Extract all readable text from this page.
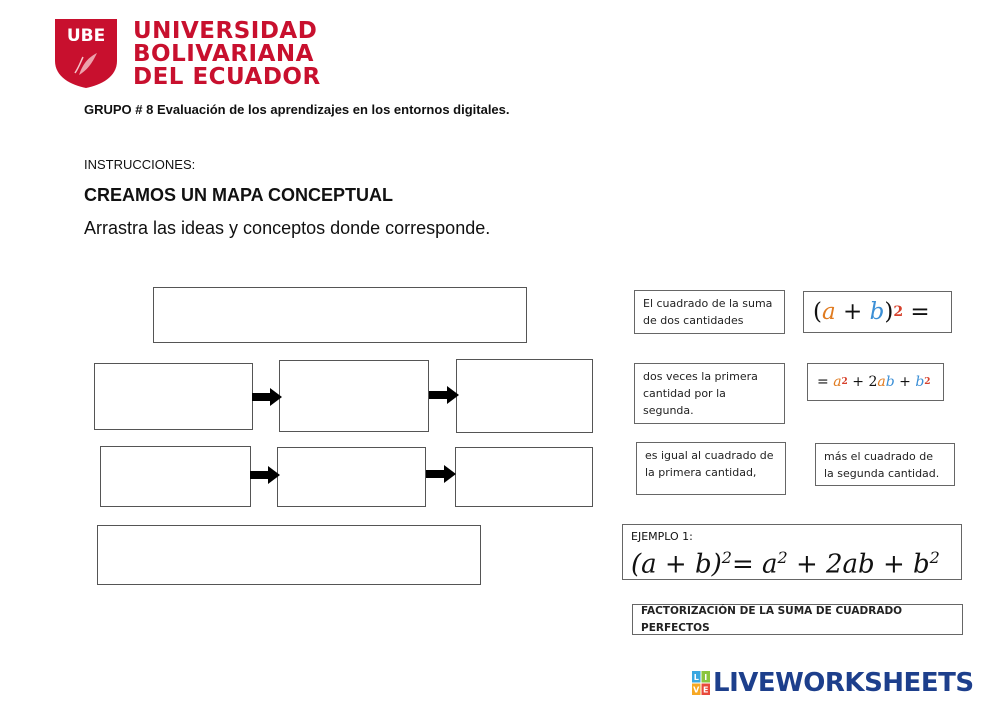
UBE UNIVERSIDAD
BOLIVARIANA
DEL ECUADOR
GRUPO # 8 Evaluación de los aprendizajes en los entornos digitales.
INSTRUCCIONES:
CREAMOS UN MAPA CONCEPTUAL
Arrastra las ideas y conceptos donde corresponde.
El cuadrado de la suma de dos cantidades	( a + b ) 2 =
dos veces la primera cantidad por la segunda.
= a 2 + 2 a b + b 2
es igual al cuadrado de la primera cantidad,
más el cuadrado de la segunda cantidad.
EJEMPLO 1:
$(a + b)^2= a^2 + 2ab + b^2$
FACTORIZACIÓN DE LA SUMA DE CUADRADO PERFECTOS
L I
V E LIVEWORKSHEETS
